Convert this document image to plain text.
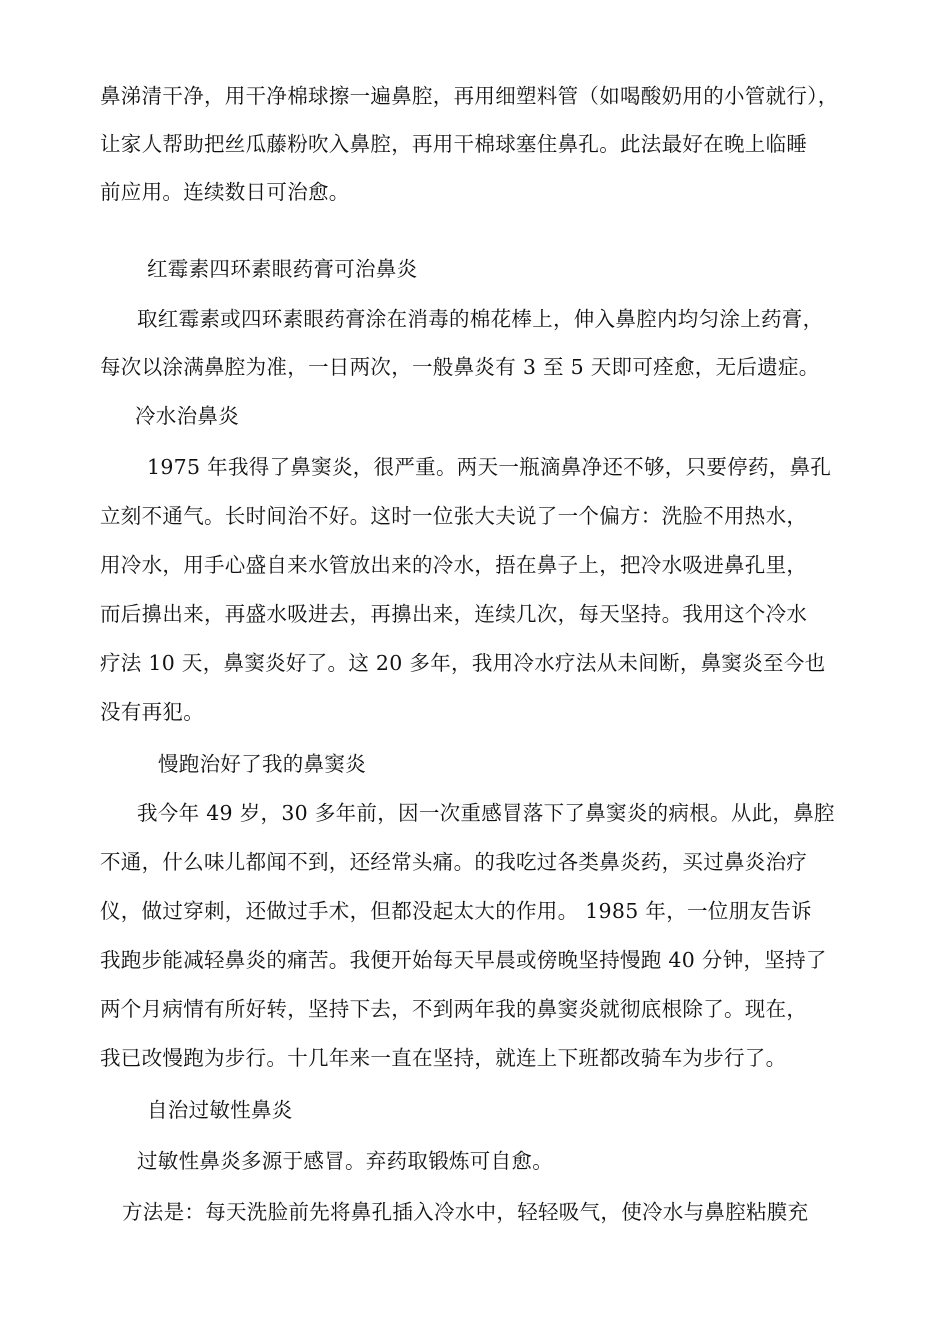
鼻涕清干净，用干净棉球擦一遍鼻腔，再用细塑料管（如喝酸奶用的小管就行），
让家人帮助把丝瓜藤粉吹入鼻腔，再用干棉球塞住鼻孔。此法最好在晚上临睡
前应用。连续数日可治愈。
红霉素四环素眼药膏可治鼻炎
取红霉素或四环素眼药膏涂在消毒的棉花棒上，伸入鼻腔内均匀涂上药膏，
每次以涂满鼻腔为准，一日两次，一般鼻炎有 3 至 5 天即可痊愈，无后遗症。
冷水治鼻炎
1975 年我得了鼻窦炎，很严重。两天一瓶滴鼻净还不够，只要停药，鼻孔
立刻不通气。长时间治不好。这时一位张大夫说了一个偏方：洗脸不用热水，
用冷水，用手心盛自来水管放出来的冷水，捂在鼻子上，把冷水吸进鼻孔里，
而后擤出来，再盛水吸进去，再擤出来，连续几次，每天坚持。我用这个冷水
疗法 10 天，鼻窦炎好了。这 20 多年，我用冷水疗法从未间断，鼻窦炎至今也
没有再犯。
慢跑治好了我的鼻窦炎
我今年 49 岁，30 多年前，因一次重感冒落下了鼻窦炎的病根。从此，鼻腔
不通，什么味儿都闻不到，还经常头痛。的我吃过各类鼻炎药，买过鼻炎治疗
仪，做过穿刺，还做过手术，但都没起太大的作用。 1985 年，一位朋友告诉
我跑步能减轻鼻炎的痛苦。我便开始每天早晨或傍晚坚持慢跑 40 分钟，坚持了
两个月病情有所好转，坚持下去，不到两年我的鼻窦炎就彻底根除了。现在，
我已改慢跑为步行。十几年来一直在坚持，就连上下班都改骑车为步行了。
自治过敏性鼻炎
过敏性鼻炎多源于感冒。弃药取锻炼可自愈。
方法是：每天洗脸前先将鼻孔插入冷水中，轻轻吸气，使冷水与鼻腔粘膜充
